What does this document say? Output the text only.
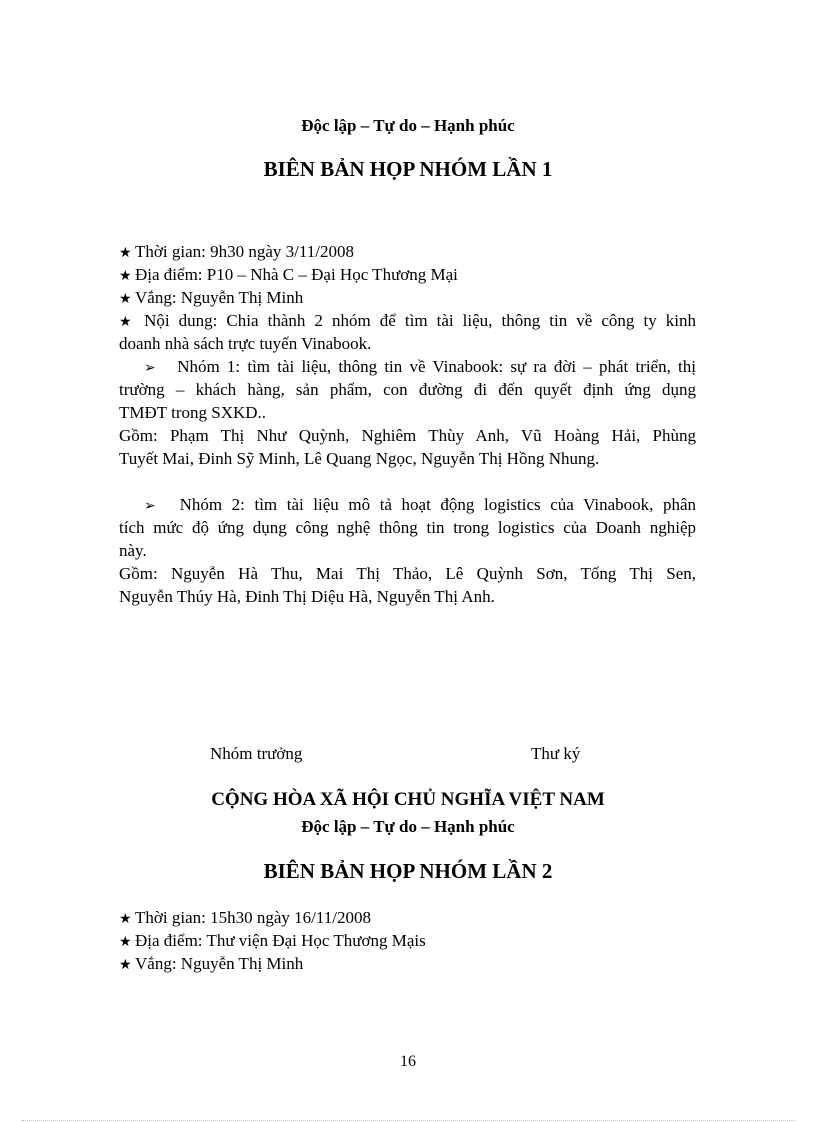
Độc lập – Tự do – Hạnh phúc
BIÊN BẢN HỌP NHÓM LẦN 1
★ Thời gian: 9h30 ngày 3/11/2008
★ Địa điểm: P10 – Nhà C – Đại Học Thương Mại
★ Vắng: Nguyễn Thị Minh
★ Nội dung: Chia thành 2 nhóm để tìm tài liệu, thông tin về công ty kinh
doanh nhà sách trực tuyến Vinabook.
➢ Nhóm 1: tìm tài liệu, thông tin về Vinabook: sự ra đời – phát triển, thị
trường – khách hàng, sản phẩm, con đường đi đến quyết định ứng dụng
TMĐT trong SXKD..
Gồm: Phạm Thị Như Quỳnh, Nghiêm Thùy Anh, Vũ Hoàng Hải, Phùng
Tuyết Mai, Đinh Sỹ Minh, Lê Quang Ngọc, Nguyễn Thị Hồng Nhung.
➢ Nhóm 2: tìm tài liệu mô tả hoạt động logistics của Vinabook, phân
tích mức độ ứng dụng công nghệ thông tin trong logistics của Doanh nghiệp
này.
Gồm: Nguyễn Hà Thu, Mai Thị Thảo, Lê Quỳnh Sơn, Tống Thị Sen,
Nguyễn Thúy Hà, Đinh Thị Diệu Hà, Nguyễn Thị Anh.
Nhóm trưởng	Thư ký
CỘNG HÒA XÃ HỘI CHỦ NGHĨA VIỆT NAM
Độc lập – Tự do – Hạnh phúc
BIÊN BẢN HỌP NHÓM LẦN 2
★ Thời gian: 15h30 ngày 16/11/2008
★ Địa điểm: Thư viện Đại Học Thương Mạis
★ Vắng: Nguyễn Thị Minh
16
